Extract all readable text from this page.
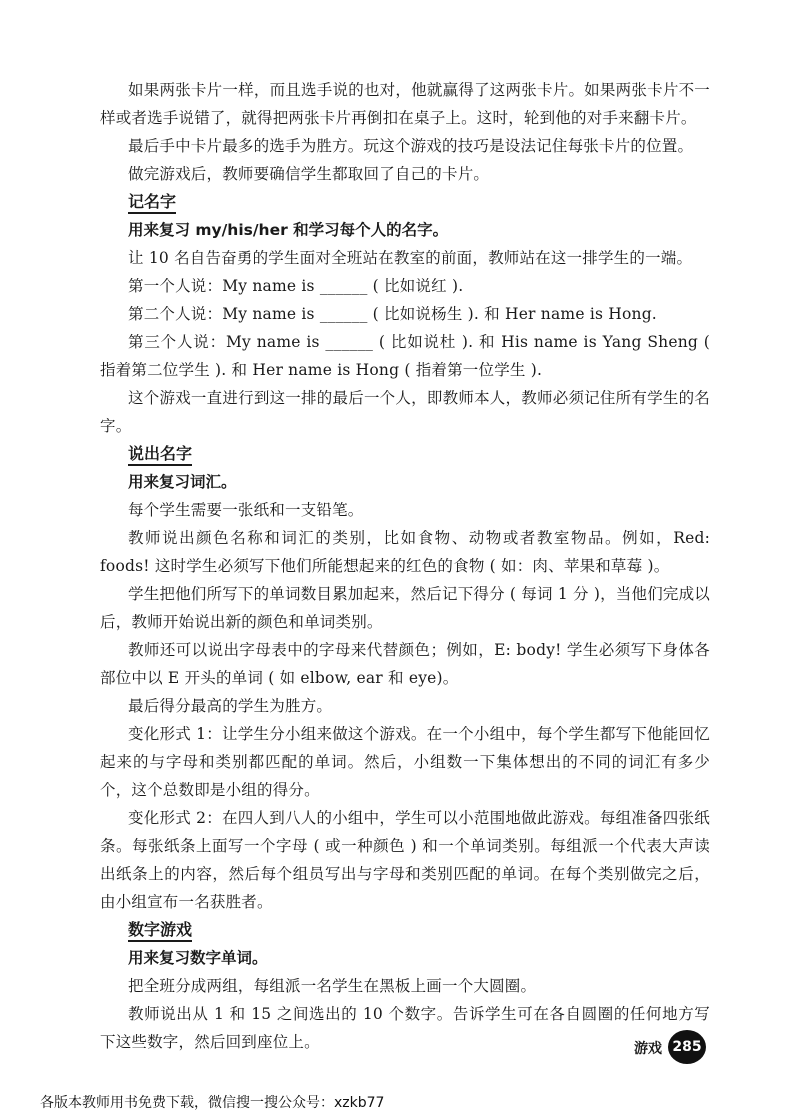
如果两张卡片一样，而且选手说的也对，他就赢得了这两张卡片。如果两张卡片不一样或者选手说错了，就得把两张卡片再倒扣在桌子上。这时，轮到他的对手来翻卡片。

最后手中卡片最多的选手为胜方。玩这个游戏的技巧是设法记住每张卡片的位置。

做完游戏后，教师要确信学生都取回了自己的卡片。

记名字

用来复习 my/his/her 和学习每个人的名字。

让 10 名自告奋勇的学生面对全班站在教室的前面，教师站在这一排学生的一端。

第一个人说：My name is ______ ( 比如说红 ).

第二个人说：My name is ______ ( 比如说杨生 ). 和 Her name is Hong.

第三个人说：My name is ______ ( 比如说杜 ). 和 His name is Yang Sheng ( 指着第二位学生 ). 和 Her name is Hong ( 指着第一位学生 ).

这个游戏一直进行到这一排的最后一个人，即教师本人，教师必须记住所有学生的名字。

说出名字

用来复习词汇。

每个学生需要一张纸和一支铅笔。

教师说出颜色名称和词汇的类别，比如食物、动物或者教室物品。例如，Red: foods! 这时学生必须写下他们所能想起来的红色的食物 ( 如：肉、苹果和草莓 )。

学生把他们所写下的单词数目累加起来，然后记下得分 ( 每词 1 分 )，当他们完成以后，教师开始说出新的颜色和单词类别。

教师还可以说出字母表中的字母来代替颜色；例如，E: body! 学生必须写下身体各部位中以 E 开头的单词 ( 如 elbow, ear 和 eye)。

最后得分最高的学生为胜方。

变化形式 1：让学生分小组来做这个游戏。在一个小组中，每个学生都写下他能回忆起来的与字母和类别都匹配的单词。然后，小组数一下集体想出的不同的词汇有多少个，这个总数即是小组的得分。

变化形式 2：在四人到八人的小组中，学生可以小范围地做此游戏。每组准备四张纸条。每张纸条上面写一个字母 ( 或一种颜色 ) 和一个单词类别。每组派一个代表大声读出纸条上的内容，然后每个组员写出与字母和类别匹配的单词。在每个类别做完之后，由小组宣布一名获胜者。

数字游戏

用来复习数字单词。

把全班分成两组，每组派一名学生在黑板上画一个大圆圈。

教师说出从 1 和 15 之间选出的 10 个数字。告诉学生可在各自圆圈的任何地方写下这些数字，然后回到座位上。	游戏 285
各版本教师用书免费下载，微信搜一搜公众号：xzkb77
